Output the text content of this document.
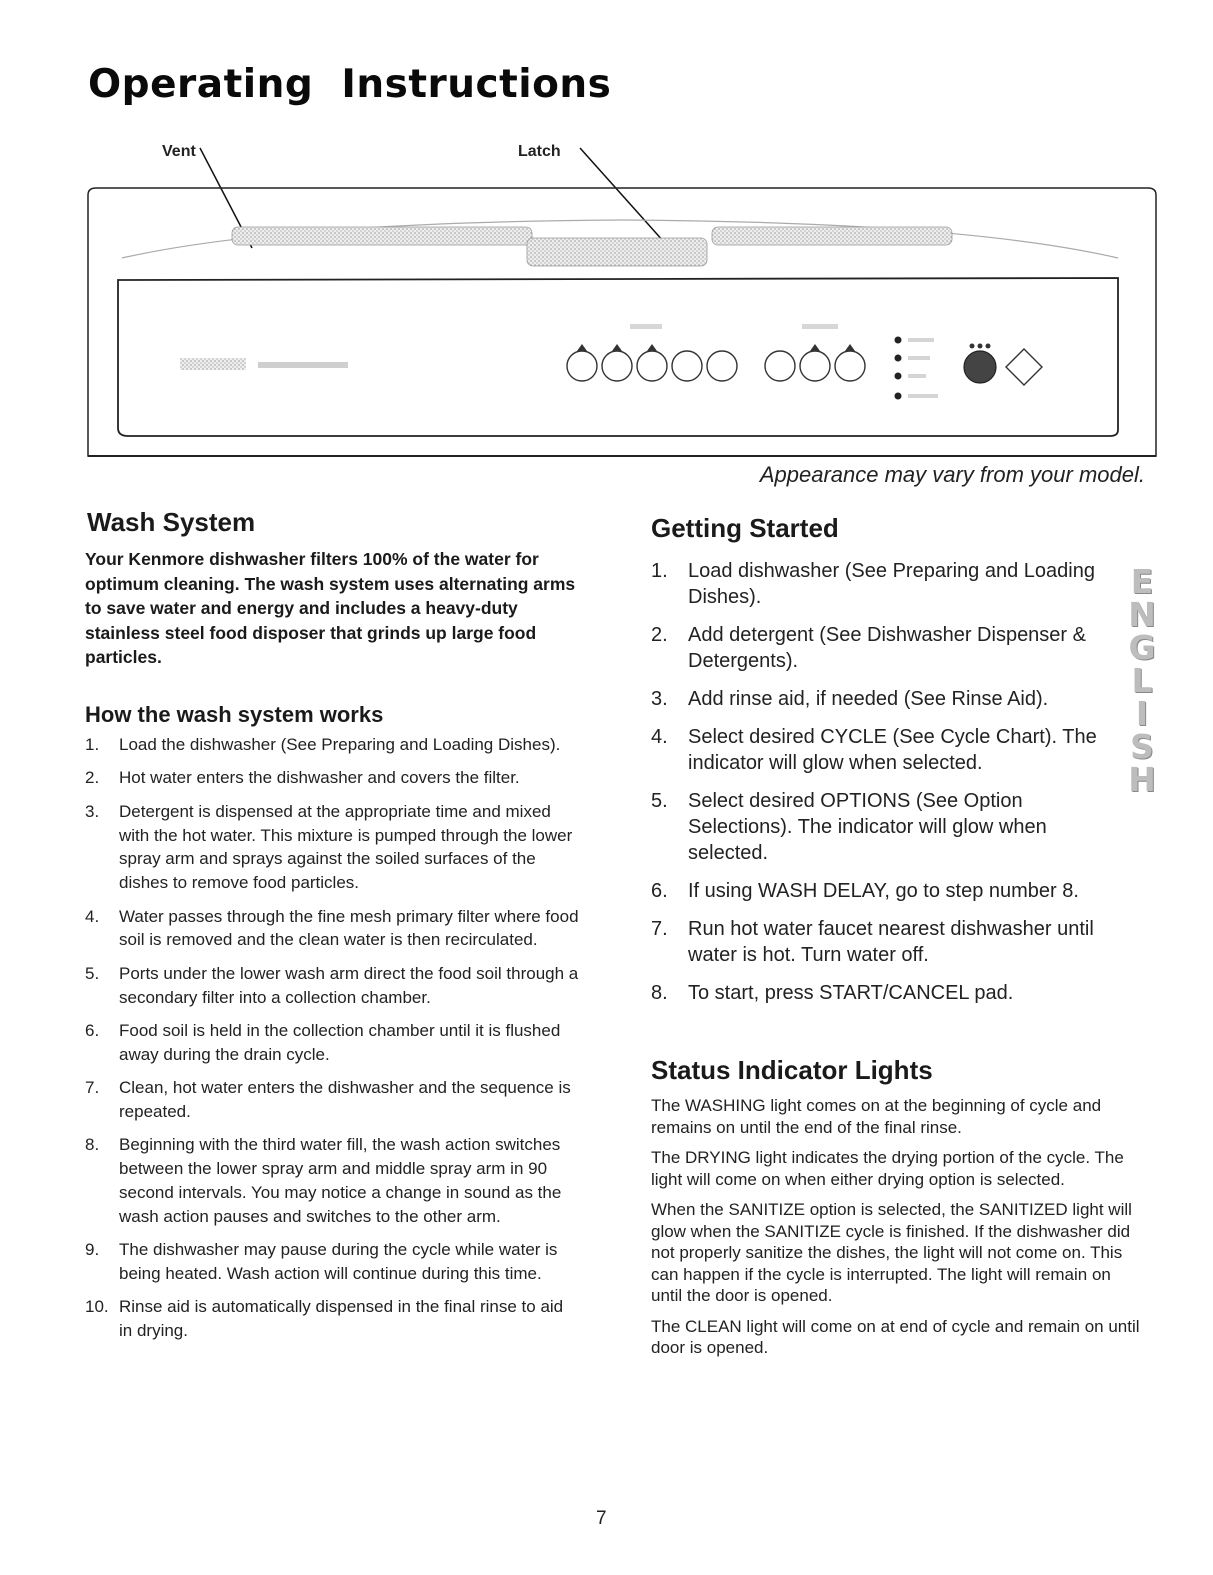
Operating Instructions
Vent	Latch
Appearance may vary from your model.
Wash System

Your Kenmore dishwasher filters 100% of the water for optimum cleaning. The wash system uses alternating arms to save water and energy and includes a heavy-duty stainless steel food disposer that grinds up large food particles.

How the wash system works
1. Load the dishwasher (See Preparing and Loading Dishes).
2. Hot water enters the dishwasher and covers the filter.
3. Detergent is dispensed at the appropriate time and mixed with the hot water. This mixture is pumped through the lower spray arm and sprays against the soiled surfaces of the dishes to remove food particles.
4. Water passes through the fine mesh primary filter where food soil is removed and the clean water is then recirculated.
5. Ports under the lower wash arm direct the food soil through a secondary filter into a collection chamber.
6. Food soil is held in the collection chamber until it is flushed away during the drain cycle.
7. Clean, hot water enters the dishwasher and the sequence is repeated.
8. Beginning with the third water fill, the wash action switches between the lower spray arm and middle spray arm in 90 second intervals. You may notice a change in sound as the wash action pauses and switches to the other arm.
9. The dishwasher may pause during the cycle while water is being heated. Wash action will continue during this time.
10. Rinse aid is automatically dispensed in the final rinse to aid in drying.
Getting Started
1. Load dishwasher (See Preparing and Loading Dishes).
2. Add detergent (See Dishwasher Dispenser & Detergents).
3. Add rinse aid, if needed (See Rinse Aid).
4. Select desired CYCLE (See Cycle Chart). The indicator will glow when selected.
5. Select desired OPTIONS (See Option Selections). The indicator will glow when selected.
6. If using WASH DELAY, go to step number 8.
7. Run hot water faucet nearest dishwasher until water is hot. Turn water off.
8. To start, press START/CANCEL pad.
Status Indicator Lights

The WASHING light comes on at the beginning of cycle and remains on until the end of the final rinse.

The DRYING light indicates the drying portion of the cycle. The light will come on when either drying option is selected.

When the SANITIZE option is selected, the SANITIZED light will glow when the SANITIZE cycle is finished. If the dishwasher did not properly sanitize the dishes, the light will not come on. This can happen if the cycle is interrupted. The light will remain on until the door is opened.

The CLEAN light will come on at end of cycle and remain on until door is opened.

E
N
G
L
I
S
H
7
